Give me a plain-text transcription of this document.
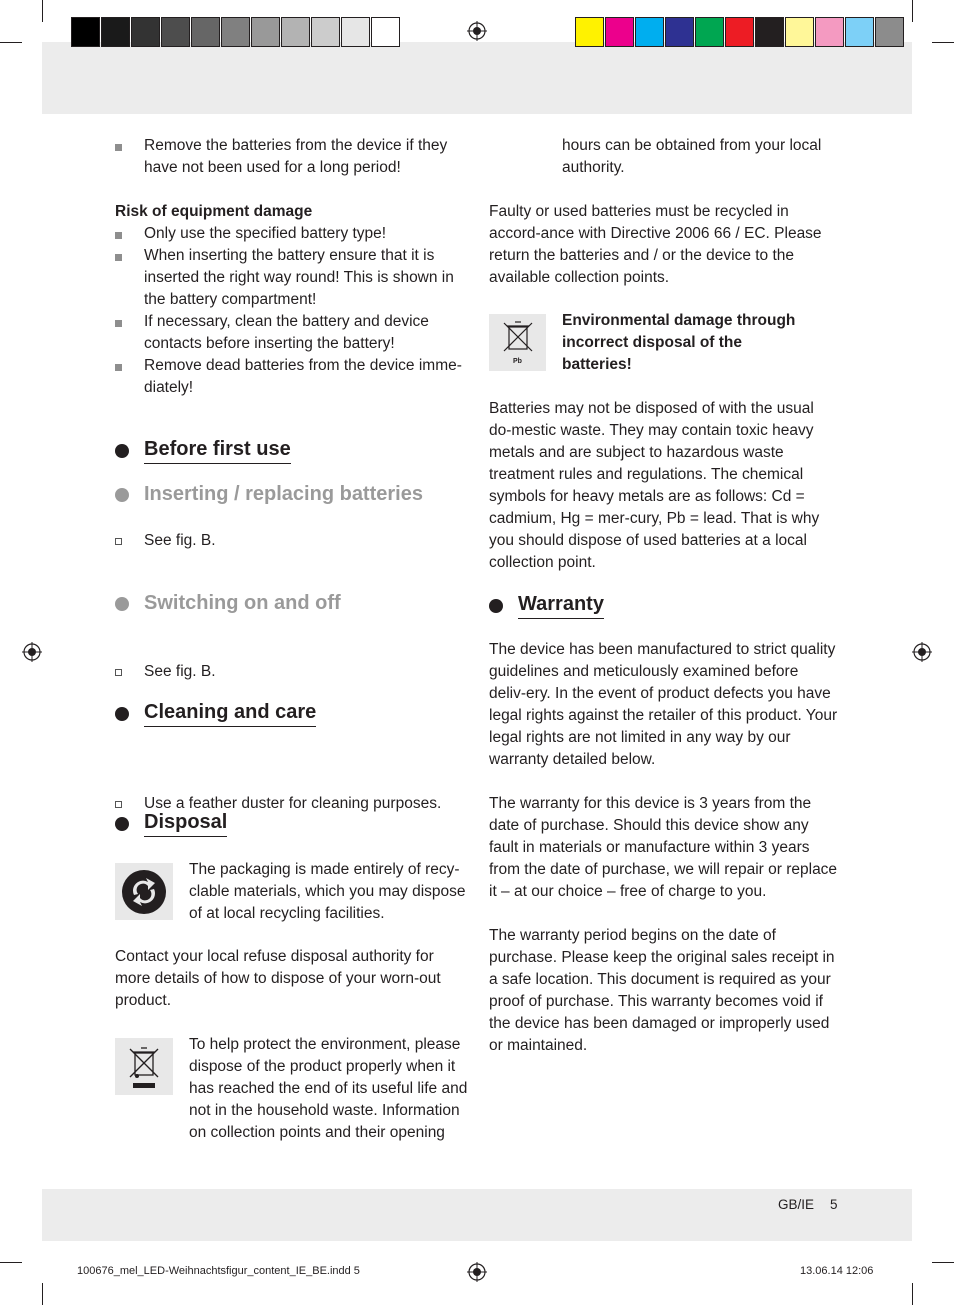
Remove the batteries from the device if they have not been used for a long period!

Risk of equipment damage

Only use the specified battery type!

When inserting the battery ensure that it is inserted the right way round! This is shown in the battery compartment!

If necessary, clean the battery and device contacts before inserting the battery!

Remove dead batteries from the device imme-diately!

Before first use
Inserting / replacing batteries
See fig. B.
Switching on and off
See fig. B.
Cleaning and care
Use a feather duster for cleaning purposes.
Disposal
The packaging is made entirely of recy-clable materials, which you may dispose of at local recycling facilities.
Contact your local refuse disposal authority for more details of how to dispose of your worn-out product.
To help protect the environment, please dispose of the product properly when it has reached the end of its useful life and not in the household waste. Information on collection points and their opening
hours can be obtained from your local authority.
Faulty or used batteries must be recycled in accord-ance with Directive 2006 66 / EC. Please return the batteries and / or the device to the available collection points.
Pb
Environmental damage through incorrect disposal of the batteries!
Batteries may not be disposed of with the usual do-mestic waste. They may contain toxic heavy metals and are subject to hazardous waste treatment rules and regulations. The chemical symbols for heavy metals are as follows: Cd = cadmium, Hg = mer-cury, Pb = lead. That is why you should dispose of used batteries at a local collection point.
Warranty
The device has been manufactured to strict quality guidelines and meticulously examined before deliv-ery. In the event of product defects you have legal rights against the retailer of this product. Your legal rights are not limited in any way by our warranty detailed below.
The warranty for this device is 3 years from the date of purchase. Should this device show any fault in materials or manufacture within 3 years from the date of purchase, we will repair or replace it – at our choice – free of charge to you.
The warranty period begins on the date of purchase. Please keep the original sales receipt in a safe location. This document is required as your proof of purchase. This warranty becomes void if the device has been damaged or improperly used or maintained.
GB/IE 5
100676_mel_LED-Weihnachtsfigur_content_IE_BE.indd 5	13.06.14 12:06
